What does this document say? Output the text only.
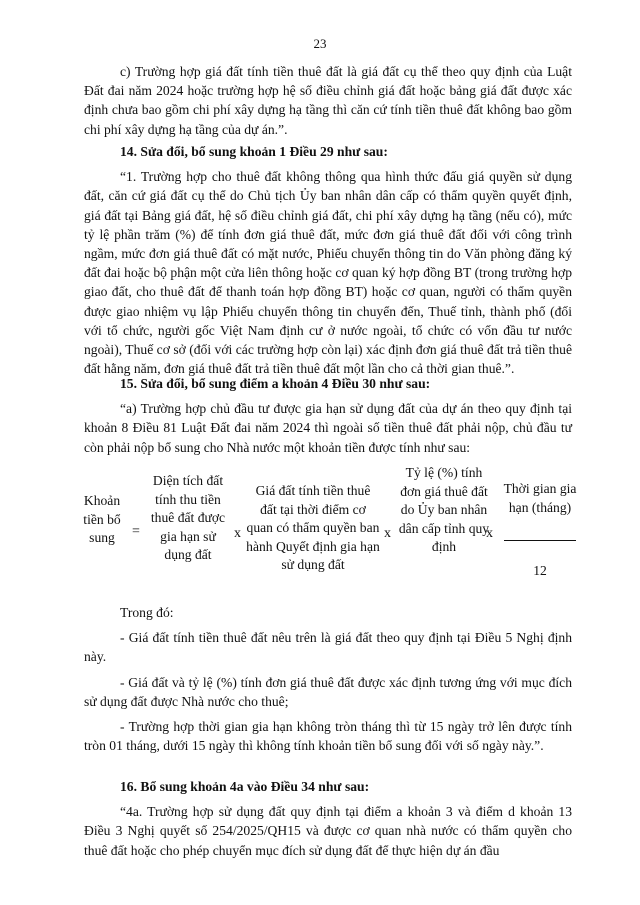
23

c) Trường hợp giá đất tính tiền thuê đất là giá đất cụ thể theo quy định của Luật Đất đai năm 2024 hoặc trường hợp hệ số điều chỉnh giá đất hoặc bảng giá đất được xác định chưa bao gồm chi phí xây dựng hạ tầng thì căn cứ tính tiền thuê đất không bao gồm chi phí xây dựng hạ tầng của dự án.”.

14. Sửa đổi, bổ sung khoản 1 Điều 29 như sau:

“1. Trường hợp cho thuê đất không thông qua hình thức đấu giá quyền sử dụng đất, căn cứ giá đất cụ thể do Chủ tịch Ủy ban nhân dân cấp có thẩm quyền quyết định, giá đất tại Bảng giá đất, hệ số điều chỉnh giá đất, chi phí xây dựng hạ tầng (nếu có), mức tỷ lệ phần trăm (%) để tính đơn giá thuê đất, mức đơn giá thuê đất đối với công trình ngầm, mức đơn giá thuê đất có mặt nước, Phiếu chuyển thông tin do Văn phòng đăng ký đất đai hoặc bộ phận một cửa liên thông hoặc cơ quan ký hợp đồng BT (trong trường hợp giao đất, cho thuê đất để thanh toán hợp đồng BT) hoặc cơ quan, người có thẩm quyền được giao nhiệm vụ lập Phiếu chuyển thông tin chuyển đến, Thuế tỉnh, thành phố (đối với tổ chức, người gốc Việt Nam định cư ở nước ngoài, tổ chức có vốn đầu tư nước ngoài), Thuế cơ sở (đối với các trường hợp còn lại) xác định đơn giá thuê đất trả tiền thuê đất hằng năm, đơn giá thuê đất trả tiền thuê đất một lần cho cả thời gian thuê.”.

15. Sửa đổi, bổ sung điểm a khoản 4 Điều 30 như sau:

“a) Trường hợp chủ đầu tư được gia hạn sử dụng đất của dự án theo quy định tại khoản 8 Điều 81 Luật Đất đai năm 2024 thì ngoài số tiền thuê đất phải nộp, chủ đầu tư còn phải nộp bổ sung cho Nhà nước một khoản tiền được tính như sau:

Khoản tiền bổ sung	=
Diện tích đất tính thu tiền thuê đất được gia hạn sử dụng đất
x
Giá đất tính tiền thuê đất tại thời điểm cơ quan có thẩm quyền ban hành Quyết định gia hạn sử dụng đất
x
Tỷ lệ (%) tính đơn giá thuê đất do Ủy ban nhân dân cấp tỉnh quy định
x
Thời gian gia hạn (tháng)
12

Trong đó:

- Giá đất tính tiền thuê đất nêu trên là giá đất theo quy định tại Điều 5 Nghị định này.

- Giá đất và tỷ lệ (%) tính đơn giá thuê đất được xác định tương ứng với mục đích sử dụng đất được Nhà nước cho thuê;

- Trường hợp thời gian gia hạn không tròn tháng thì từ 15 ngày trở lên được tính tròn 01 tháng, dưới 15 ngày thì không tính khoản tiền bổ sung đối với số ngày này.”.

16. Bổ sung khoản 4a vào Điều 34 như sau:

“4a. Trường hợp sử dụng đất quy định tại điểm a khoản 3 và điểm d khoản 13 Điều 3 Nghị quyết số 254/2025/QH15 và được cơ quan nhà nước có thẩm quyền cho thuê đất hoặc cho phép chuyển mục đích sử dụng đất để thực hiện dự án đầu
